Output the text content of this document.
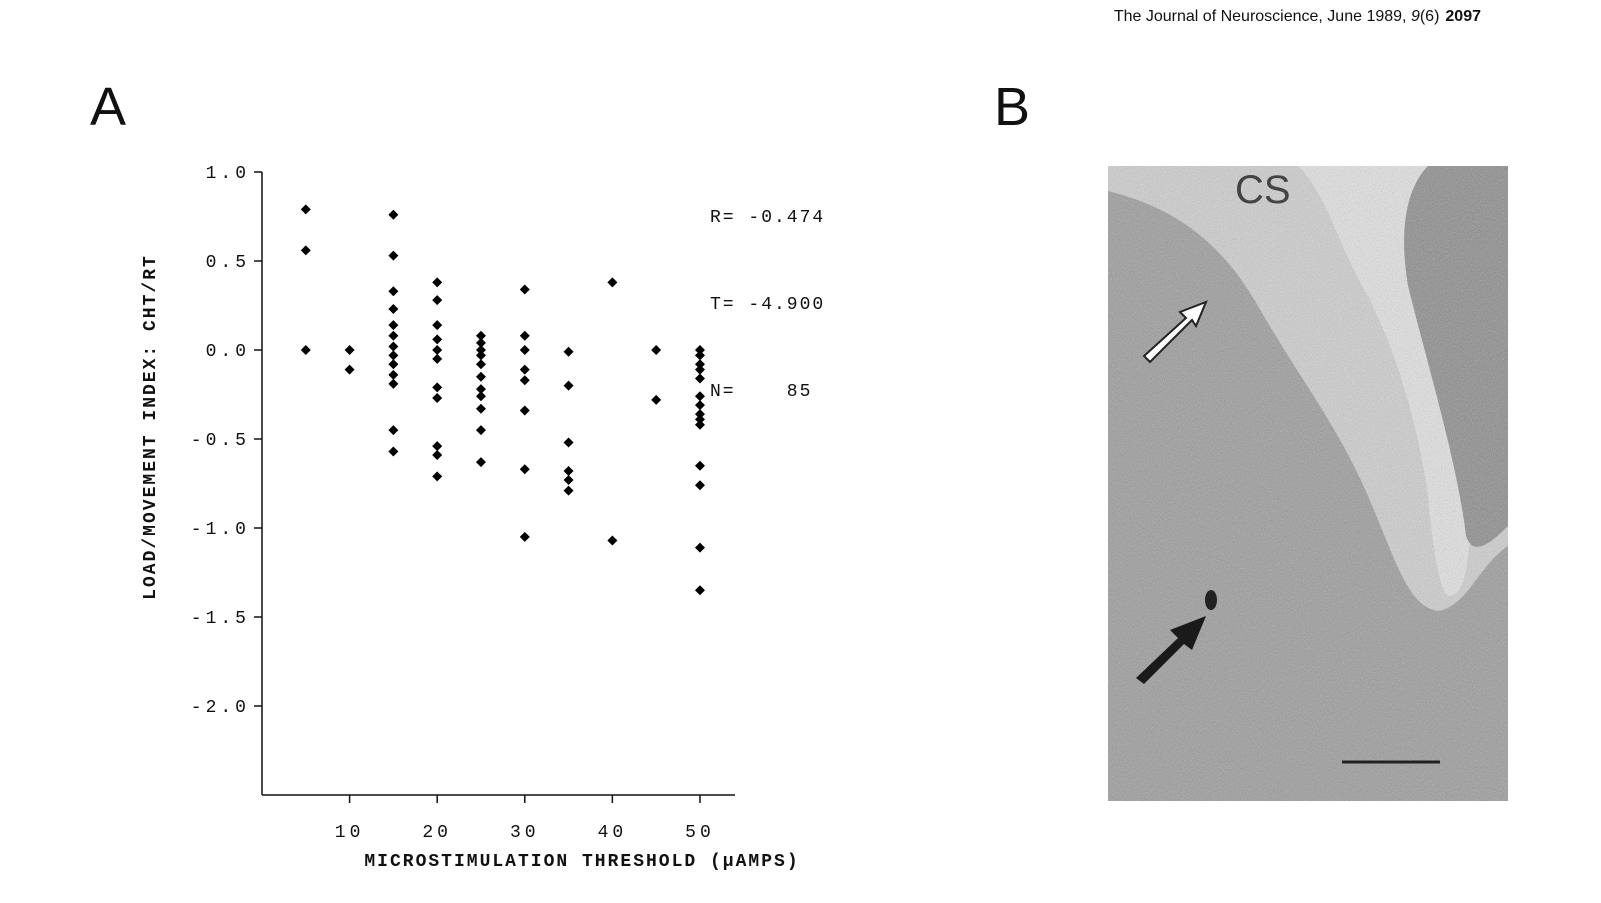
The Journal of Neuroscience, June 1989, 9(6) 2097
A	B
1.0
0.5
0.0
-0.5
-1.0
-1.5
-2.0
10	20	30	40	50
MICROSTIMULATION THRESHOLD (μAMPS)
LOAD/MOVEMENT INDEX: CHT/RT

R= -0.474

T= -4.900

N=    85

CS
